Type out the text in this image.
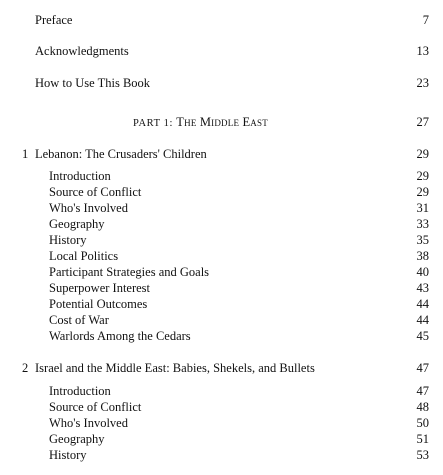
Preface	7
Acknowledgments	13
How to Use This Book	23
PART 1: The Middle East	27
1 Lebanon: The Crusaders' Children	29
Introduction	29
Source of Conflict	29
Who's Involved	31
Geography	33
History	35
Local Politics	38
Participant Strategies and Goals	40
Superpower Interest	43
Potential Outcomes	44
Cost of War	44
Warlords Among the Cedars	45
2 Israel and the Middle East: Babies, Shekels, and Bullets	47
Introduction	47
Source of Conflict	48
Who's Involved	50
Geography	51
History	53
